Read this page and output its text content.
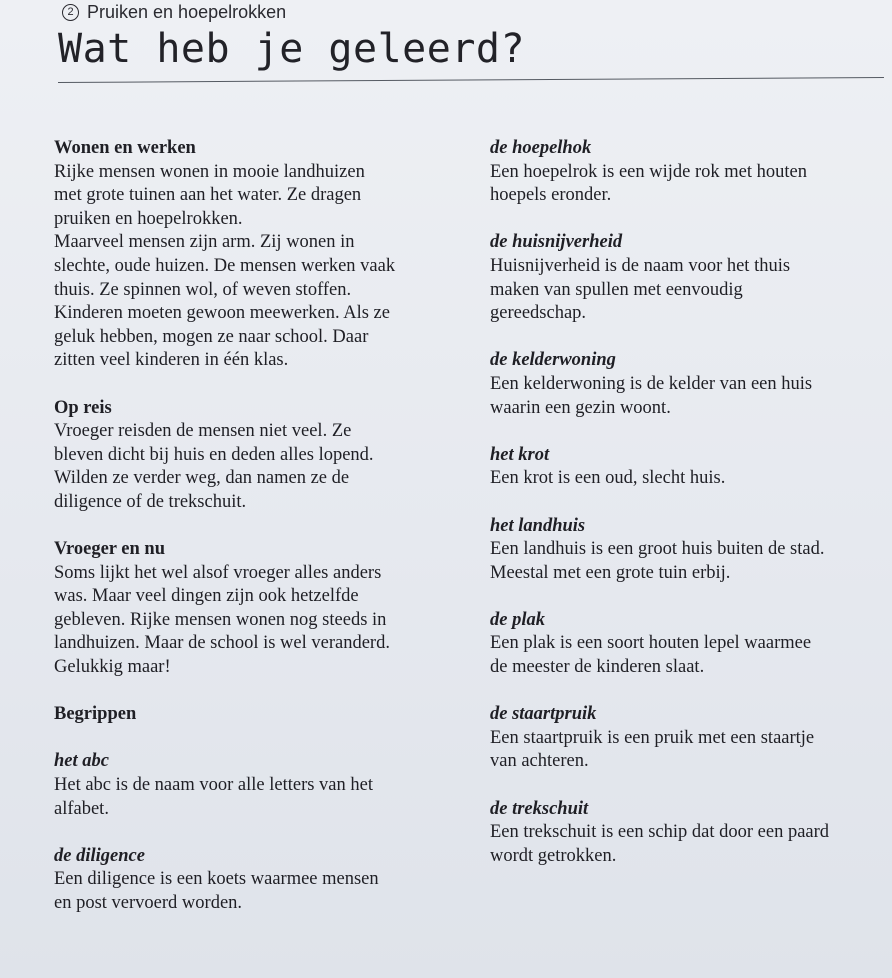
2 Pruiken en hoepelrokken
Wat heb je geleerd?
Wonen en werken
Rijke mensen wonen in mooie landhuizen
met grote tuinen aan het water. Ze dragen
pruiken en hoepelrokken.
Maarveel mensen zijn arm. Zij wonen in
slechte, oude huizen. De mensen werken vaak
thuis. Ze spinnen wol, of weven stoffen.
Kinderen moeten gewoon meewerken. Als ze
geluk hebben, mogen ze naar school. Daar
zitten veel kinderen in één klas.
Op reis
Vroeger reisden de mensen niet veel. Ze
bleven dicht bij huis en deden alles lopend.
Wilden ze verder weg, dan namen ze de
diligence of de trekschuit.
Vroeger en nu
Soms lijkt het wel alsof vroeger alles anders
was. Maar veel dingen zijn ook hetzelfde
gebleven. Rijke mensen wonen nog steeds in
landhuizen. Maar de school is wel veranderd.
Gelukkig maar!
Begrippen
het abc
Het abc is de naam voor alle letters van het
alfabet.
de diligence
Een diligence is een koets waarmee mensen
en post vervoerd worden.
de hoepelhok
Een hoepelrok is een wijde rok met houten
hoepels eronder.
de huisnijverheid
Huisnijverheid is de naam voor het thuis
maken van spullen met eenvoudig
gereedschap.
de kelderwoning
Een kelderwoning is de kelder van een huis
waarin een gezin woont.
het krot
Een krot is een oud, slecht huis.
het landhuis
Een landhuis is een groot huis buiten de stad.
Meestal met een grote tuin erbij.
de plak
Een plak is een soort houten lepel waarmee
de meester de kinderen slaat.
de staartpruik
Een staartpruik is een pruik met een staartje
van achteren.
de trekschuit
Een trekschuit is een schip dat door een paard
wordt getrokken.
